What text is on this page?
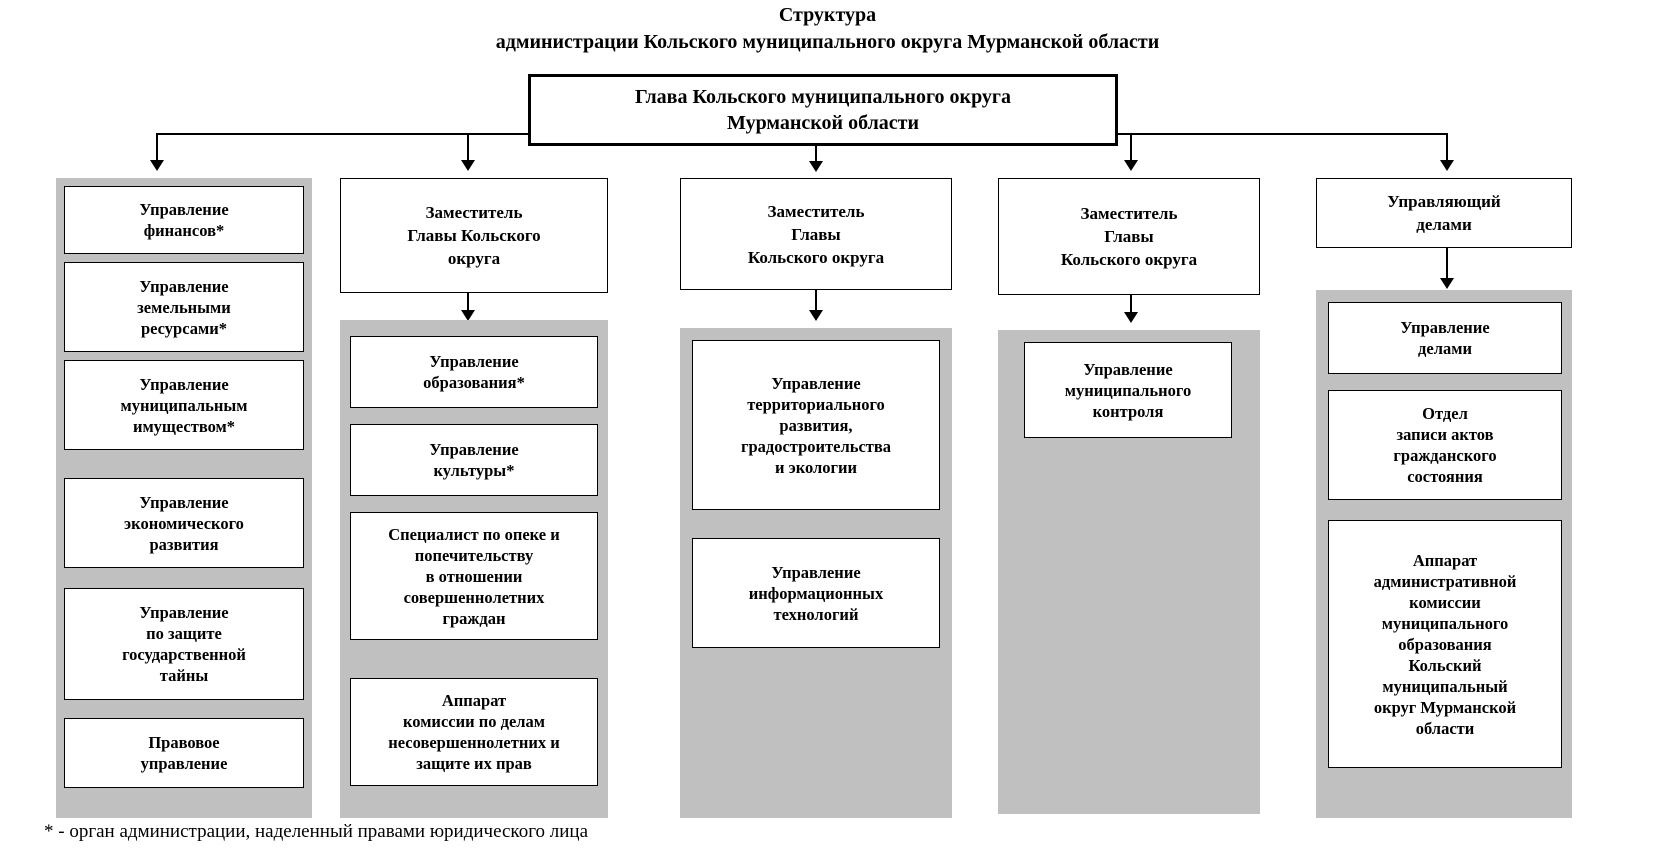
Структура
администрации Кольского муниципального округа Мурманской области
Глава Кольского муниципального округа
Мурманской области
Управление
финансов*
Управление
земельными
ресурсами*
Управление
муниципальным
имуществом*
Управление
экономического
развития
Управление
по защите
государственной
тайны
Правовое
управление
Заместитель
Главы Кольского
округа
Управление
образования*
Управление
культуры*
Специалист по опеке и
попечительству
в отношении
совершеннолетних
граждан
Аппарат
комиссии по делам
несовершеннолетних и
защите их прав
Заместитель
Главы
Кольского округа
Управление
территориального
развития,
градостроительства
и экологии
Управление
информационных
технологий
Заместитель
Главы
Кольского округа
Управление
муниципального
контроля
Управляющий
делами
Управление
делами
Отдел
записи актов
гражданского
состояния
Аппарат
административной
комиссии
муниципального
образования
Кольский
муниципальный
округ Мурманской
области
* - орган администрации, наделенный правами юридического лица
